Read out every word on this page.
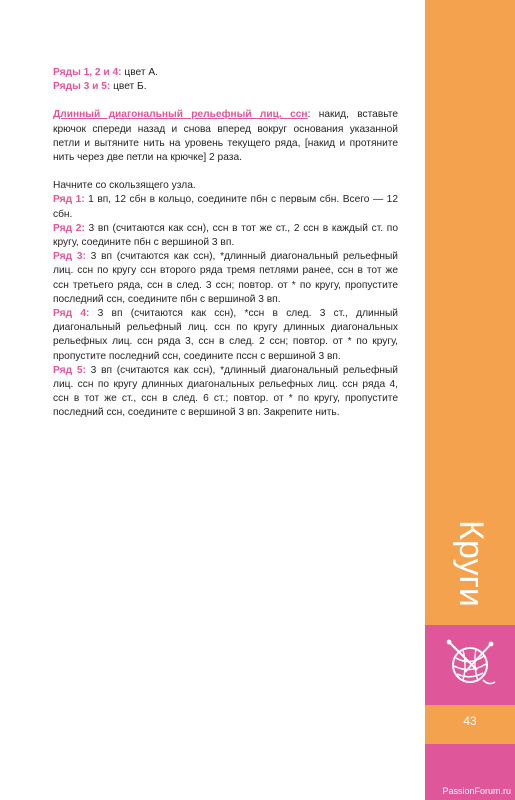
Ряды 1, 2 и 4: цвет А.

Ряды 3 и 5: цвет Б.

Длинный диагональный рельефный лиц. ссн: накид, вставьте крючок спереди назад и снова вперед вокруг основания указанной петли и вытяните нить на уровень текущего ряда, [накид и протяните нить через две петли на крючке] 2 раза.

Начните со скользящего узла.

Ряд 1: 1 вп, 12 сбн в кольцо, соедините пбн с первым сбн. Всего — 12 сбн.

Ряд 2: 3 вп (считаются как ссн), ссн в тот же ст., 2 ссн в каждый ст. по кругу, соедините пбн с вершиной 3 вп.

Ряд 3: 3 вп (считаются как ссн), *длинный диагональный рельефный лиц. ссн по кругу ссн второго ряда тремя петлями ранее, ссн в тот же ссн третьего ряда, ссн в след. 3 ссн; повтор. от * по кругу, пропустите последний ссн, соедините пбн с вершиной 3 вп.

Ряд 4: 3 вп (считаются как ссн), *ссн в след. 3 ст., длинный диагональный рельефный лиц. ссн по кругу длинных диагональных рельефных лиц. ссн ряда 3, ссн в след. 2 ссн; повтор. от * по кругу, пропустите последний ссн, соедините пссн с вершиной 3 вп.

Ряд 5: 3 вп (считаются как ссн), *длинный диагональный рельефный лиц. ссн по кругу длинных диагональных рельефных лиц. ссн ряда 4, ссн в тот же ст., ссн в след. 6 ст.; повтор. от * по кругу, пропустите последний ссн, соедините с вершиной 3 вп. Закрепите нить.

Круги
43
PassionForum.ru
